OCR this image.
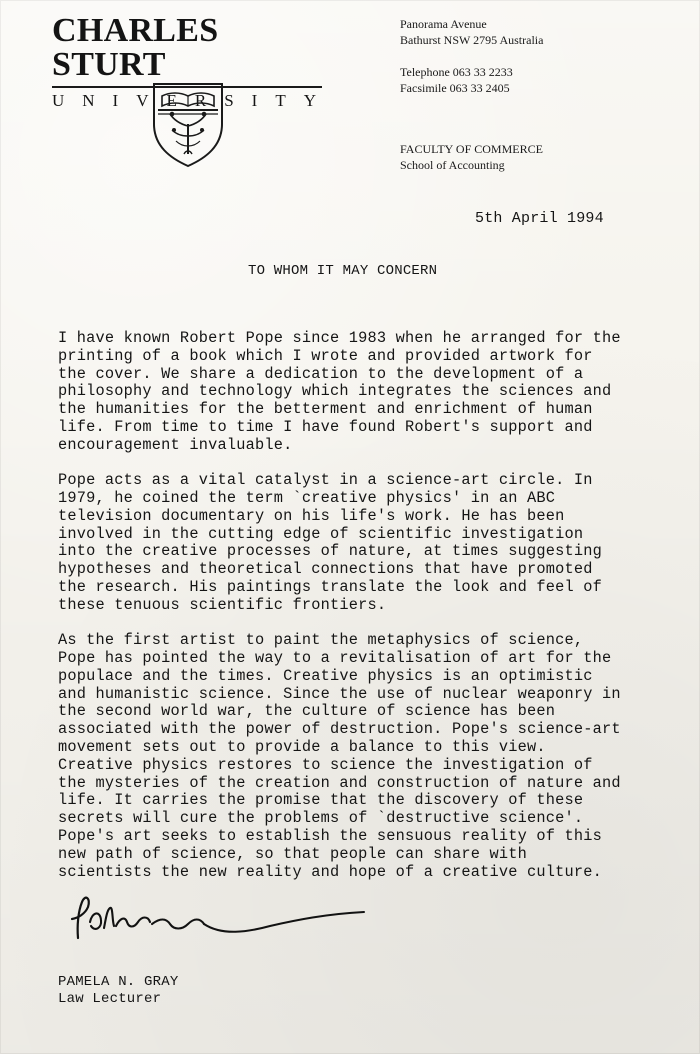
CHARLES STURT
UNIVERSITY
Panorama Avenue
Bathurst NSW 2795 Australia
Telephone 063 33 2233
Facsimile 063 33 2405
FACULTY OF COMMERCE
School of Accounting
5th April 1994
TO WHOM IT MAY CONCERN
I have known Robert Pope since 1983 when he arranged for the
printing of a book which I wrote and provided artwork for
the cover. We share a dedication to the development of a
philosophy and technology which integrates the sciences and
the humanities for the betterment and enrichment of human
life. From time to time I have found Robert's support and
encouragement invaluable.
Pope acts as a vital catalyst in a science-art circle. In
1979, he coined the term `creative physics' in an ABC
television documentary on his life's work. He has been
involved in the cutting edge of scientific investigation
into the creative processes of nature, at times suggesting
hypotheses and theoretical connections that have promoted
the research. His paintings translate the look and feel of
these tenuous scientific frontiers.
As the first artist to paint the metaphysics of science,
Pope has pointed the way to a revitalisation of art for the
populace and the times. Creative physics is an optimistic
and humanistic science. Since the use of nuclear weaponry in
the second world war, the culture of science has been
associated with the power of destruction. Pope's science-art
movement sets out to provide a balance to this view.
Creative physics restores to science the investigation of
the mysteries of the creation and construction of nature and
life. It carries the promise that the discovery of these
secrets will cure the problems of `destructive science'.
Pope's art seeks to establish the sensuous reality of this
new path of science, so that people can share with
scientists the new reality and hope of a creative culture.
PAMELA N. GRAY
Law Lecturer
